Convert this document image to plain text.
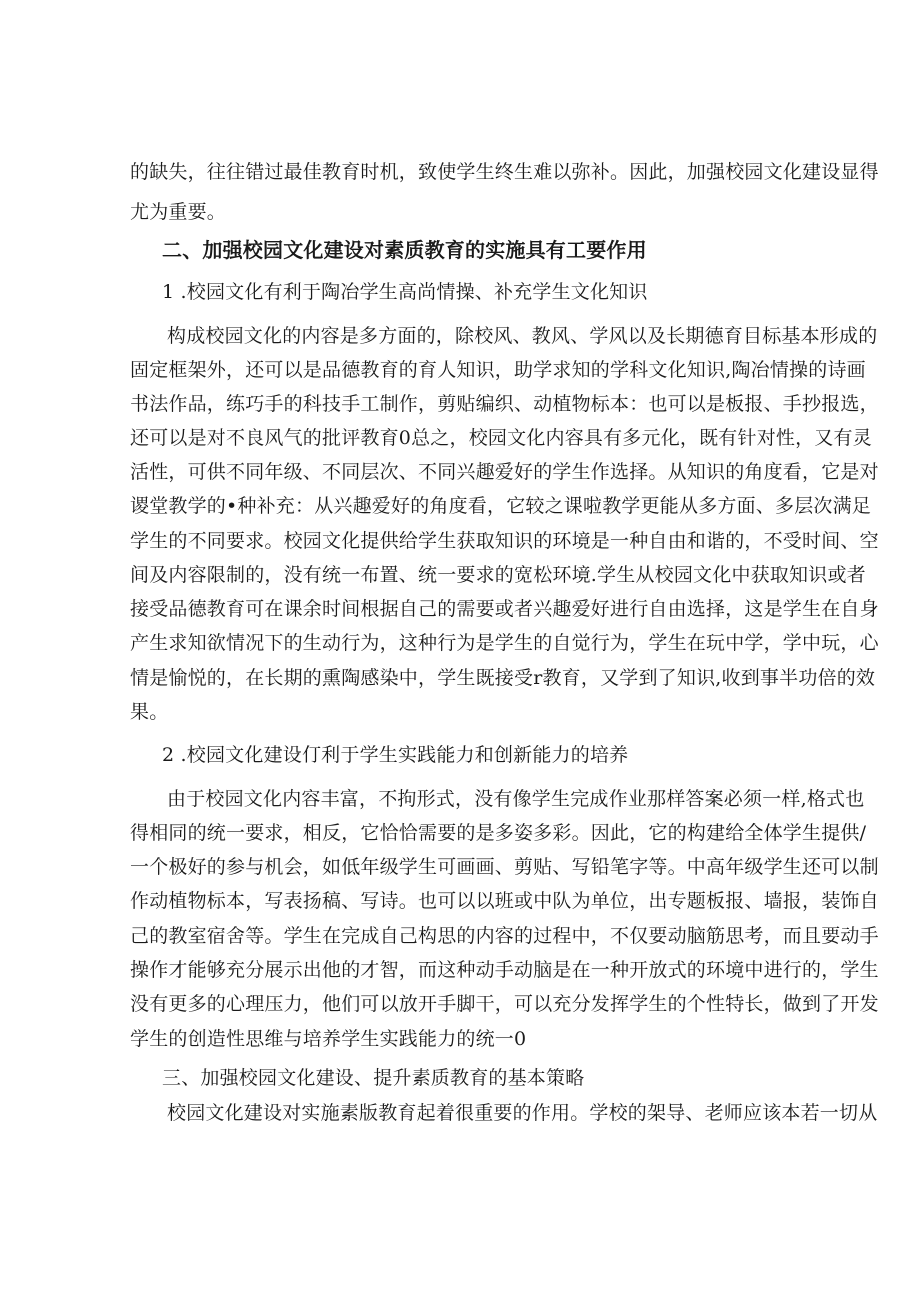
的缺失，往往错过最佳教育时机，致使学生终生难以弥补。因此，加强校园文化建设显得
尤为重要。
二、加强校园文化建设对素质教育的实施具有工要作用
1 .校园文化有利于陶冶学生高尚情操、补充学生文化知识
构成校园文化的内容是多方面的，除校风、教风、学风以及长期德育目标基本形成的
固定框架外，还可以是品德教育的育人知识，助学求知的学科文化知识,陶冶情操的诗画
书法作品，练巧手的科技手工制作，剪贴编织、动植物标本：也可以是板报、手抄报选，
还可以是对不良风气的批评教育0总之，校园文化内容具有多元化，既有针对性，又有灵
活性，可供不同年级、不同层次、不同兴趣爱好的学生作选择。从知识的角度看，它是对
谡堂教学的•种补充：从兴趣爱好的角度看，它较之课啦教学更能从多方面、多层次满足
学生的不同要求。校园文化提供给学生获取知识的环境是一种自由和谐的，不受时间、空
间及内容限制的，没有统一布置、统一要求的宽松环境.学生从校园文化中获取知识或者
接受品德教育可在课余时间根据自己的需要或者兴趣爱好进行自由选择，这是学生在自身
产生求知欲情况下的生动行为，这种行为是学生的自觉行为，学生在玩中学，学中玩，心
情是愉悦的，在长期的熏陶感染中，学生既接受r教育，又学到了知识,收到事半功倍的效
果。
2 .校园文化建设仃利于学生实践能力和创新能力的培养
由于校园文化内容丰富，不拘形式，没有像学生完成作业那样答案必须一样,格式也
得相同的统一要求，相反，它恰恰需要的是多姿多彩。因此，它的构建给全体学生提供/
一个极好的参与机会，如低年级学生可画画、剪贴、写铅笔字等。中高年级学生还可以制
作动植物标本，写表扬稿、写诗。也可以以班或中队为单位，出专题板报、墙报，装饰自
己的教室宿舍等。学生在完成自己构思的内容的过程中，不仅要动脑筋思考，而且要动手
操作才能够充分展示出他的才智，而这种动手动脑是在一种开放式的环境中进行的，学生
没有更多的心理压力，他们可以放开手脚干，可以充分发挥学生的个性特长，做到了开发
学生的创造性思维与培养学生实践能力的统一0
三、加强校园文化建设、提升素质教育的基本策略
校园文化建设对实施素版教育起着很重要的作用。学校的架导、老师应该本若一切从
